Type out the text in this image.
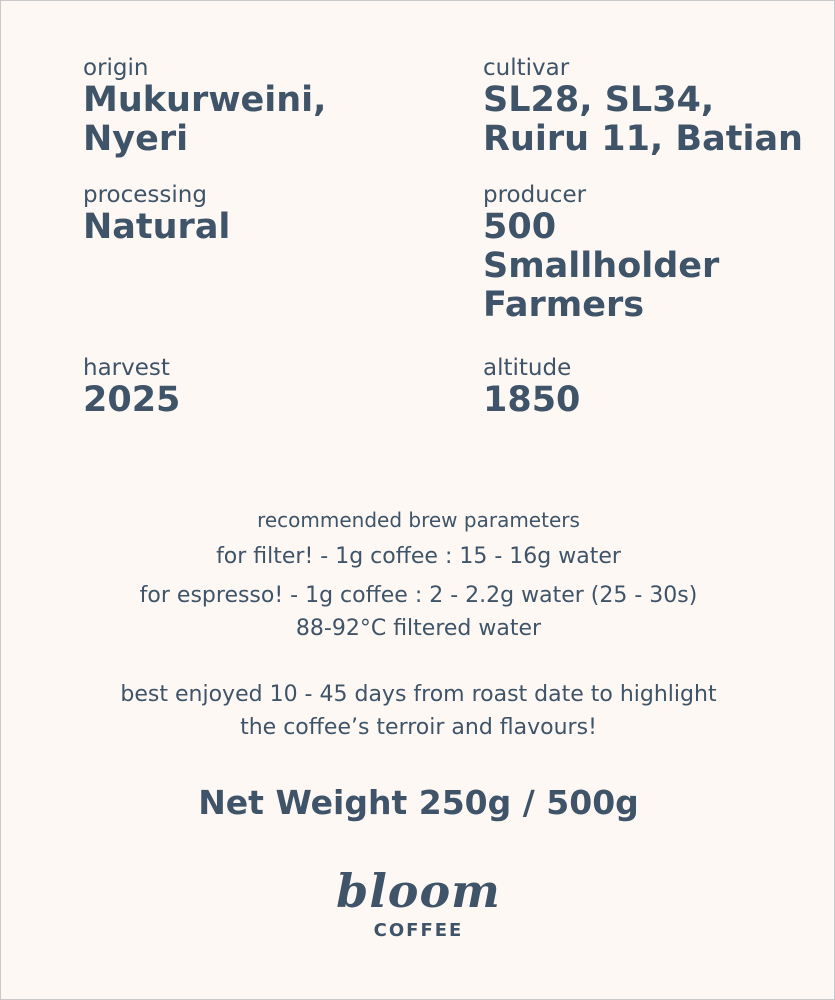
origin
Mukurweini,
Nyeri
cultivar
SL28, SL34,
Ruiru 11, Batian
processing
Natural
producer
500
Smallholder
Farmers
harvest
2025
altitude
1850
recommended brew parameters
for filter! - 1g coffee : 15 - 16g water
for espresso! - 1g coffee : 2 - 2.2g water (25 - 30s)
88-92°C filtered water
best enjoyed 10 - 45 days from roast date to highlight
the coffee’s terroir and flavours!
Net Weight 250g / 500g
bloom
COFFEE
